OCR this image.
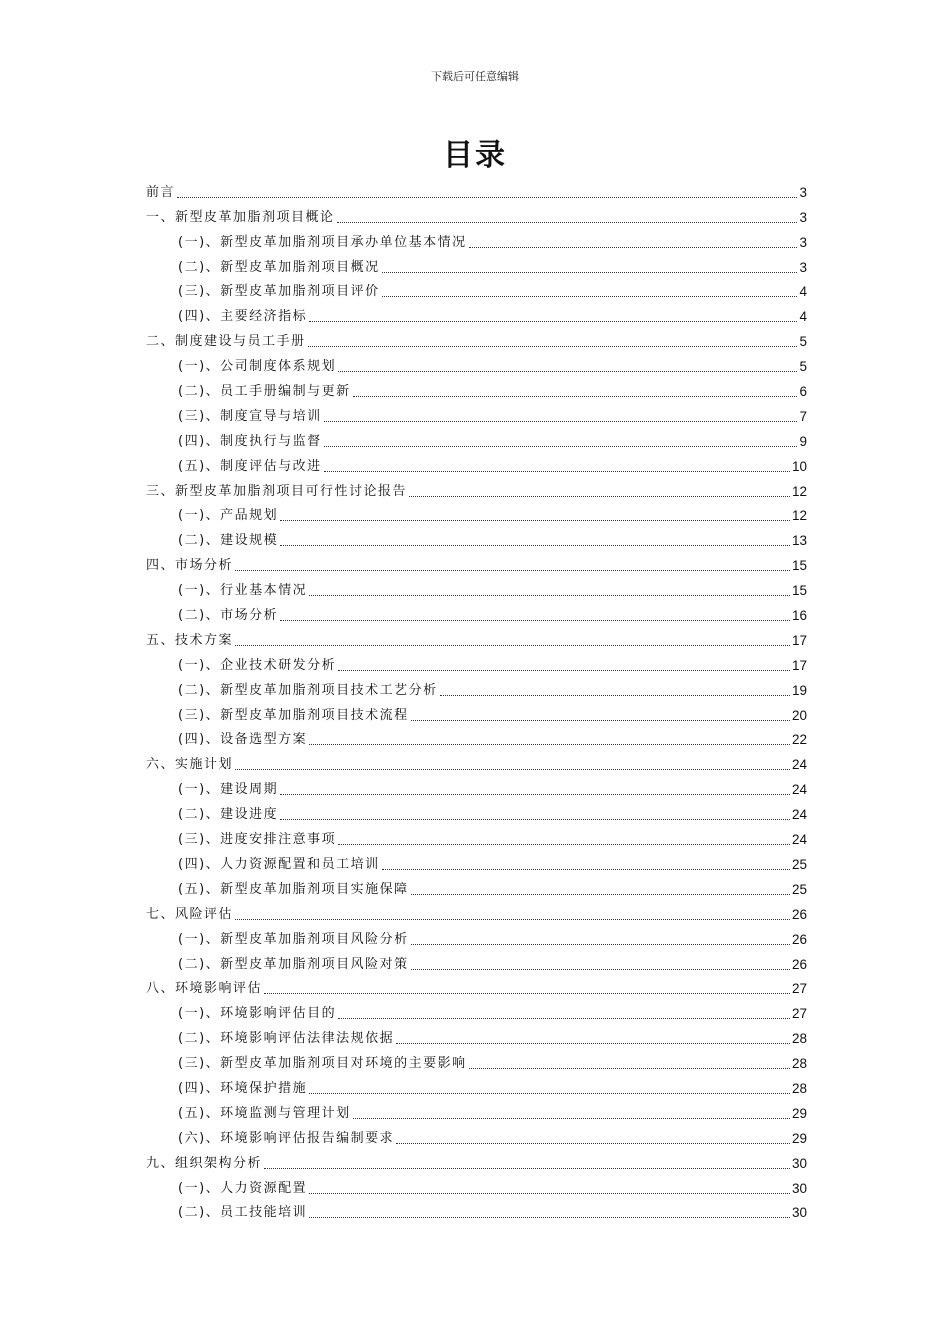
下载后可任意编辑
目录
前言	3
一、新型皮革加脂剂项目概论	3
(一)、新型皮革加脂剂项目承办单位基本情况	3
(二)、新型皮革加脂剂项目概况	3
(三)、新型皮革加脂剂项目评价	4
(四)、主要经济指标	4
二、制度建设与员工手册	5
(一)、公司制度体系规划	5
(二)、员工手册编制与更新	6
(三)、制度宣导与培训	7
(四)、制度执行与监督	9
(五)、制度评估与改进	10
三、新型皮革加脂剂项目可行性讨论报告	12
(一)、产品规划	12
(二)、建设规模	13
四、市场分析	15
(一)、行业基本情况	15
(二)、市场分析	16
五、技术方案	17
(一)、企业技术研发分析	17
(二)、新型皮革加脂剂项目技术工艺分析	19
(三)、新型皮革加脂剂项目技术流程	20
(四)、设备选型方案	22
六、实施计划	24
(一)、建设周期	24
(二)、建设进度	24
(三)、进度安排注意事项	24
(四)、人力资源配置和员工培训	25
(五)、新型皮革加脂剂项目实施保障	25
七、风险评估	26
(一)、新型皮革加脂剂项目风险分析	26
(二)、新型皮革加脂剂项目风险对策	26
八、环境影响评估	27
(一)、环境影响评估目的	27
(二)、环境影响评估法律法规依据	28
(三)、新型皮革加脂剂项目对环境的主要影响	28
(四)、环境保护措施	28
(五)、环境监测与管理计划	29
(六)、环境影响评估报告编制要求	29
九、组织架构分析	30
(一)、人力资源配置	30
(二)、员工技能培训	30
